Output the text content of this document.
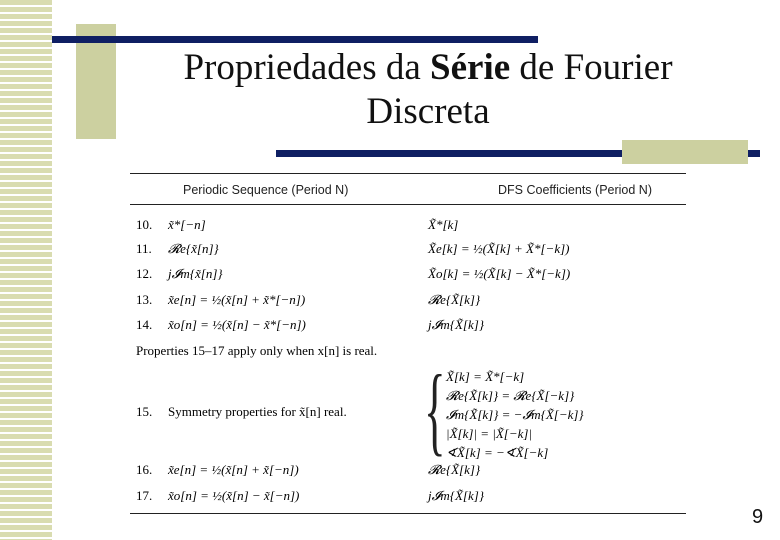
Propriedades da Série de Fourier
Discreta
Periodic Sequence (Period N)	DFS Coefficients (Period N)
10.	x̃*[−n]	X̃*[k]
11.	𝓡e{x̃[n]}	X̃e[k] = ½(X̃[k] + X̃*[−k])
12.	j𝓘m{x̃[n]}	X̃o[k] = ½(X̃[k] − X̃*[−k])
13.	x̃e[n] = ½(x̃[n] + x̃*[−n])	𝓡e{X̃[k]}
14.	x̃o[n] = ½(x̃[n] − x̃*[−n])	j𝓘m{X̃[k]}
Properties 15–17 apply only when x[n] is real.
15. Symmetry properties for x̃[n] real. { X̃[k] = X̃*[−k]
𝓡e{X̃[k]} = 𝓡e{X̃[−k]}
𝓘m{X̃[k]} = −𝓘m{X̃[−k]}
|X̃[k]| = |X̃[−k]|
∢X̃[k] = −∢X̃[−k]
16.	x̃e[n] = ½(x̃[n] + x̃[−n])	𝓡e{X̃[k]}
17.	x̃o[n] = ½(x̃[n] − x̃[−n])	j𝓘m{X̃[k]}
9
